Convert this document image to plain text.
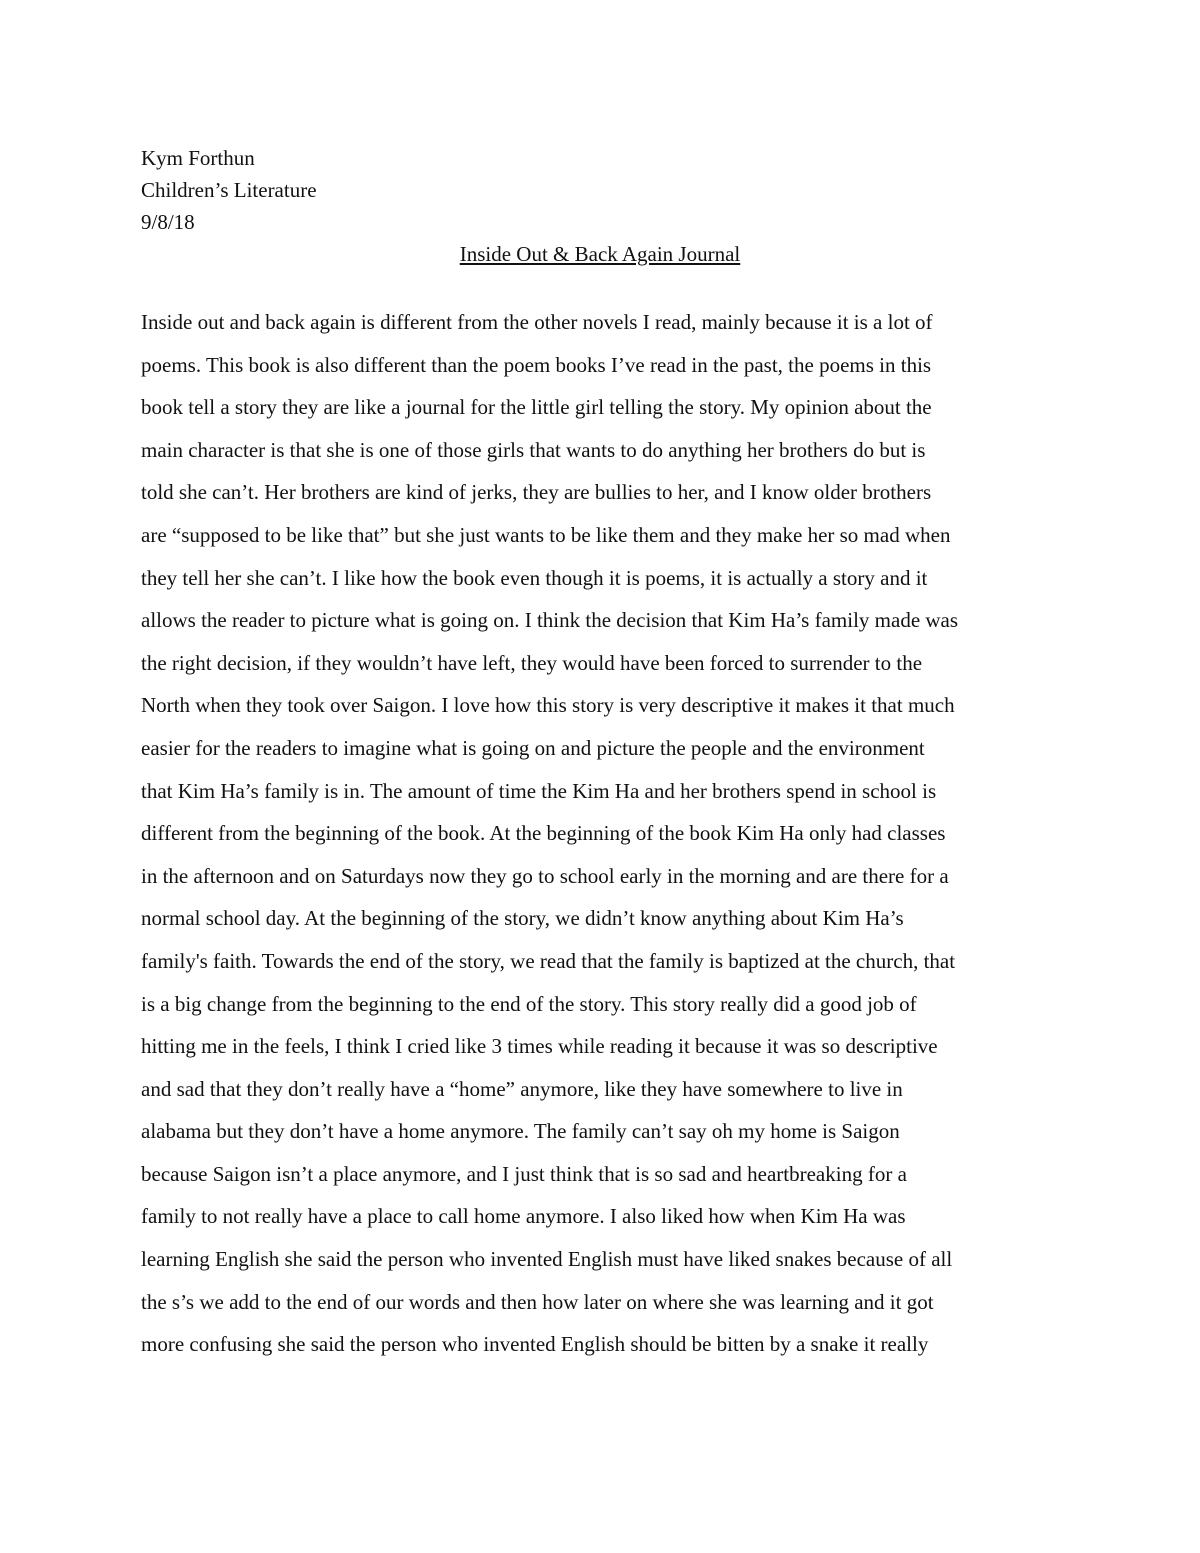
Kym Forthun
Children’s Literature
9/8/18
Inside Out & Back Again Journal
Inside out and back again is different from the other novels I read, mainly because it is a lot of
poems. This book is also different than the poem books I’ve read in the past, the poems in this
book tell a story they are like a journal for the little girl telling the story. My opinion about the
main character is that she is one of those girls that wants to do anything her brothers do but is
told she can’t. Her brothers are kind of jerks, they are bullies to her, and I know older brothers
are “supposed to be like that” but she just wants to be like them and they make her so mad when
they tell her she can’t. I like how the book even though it is poems, it is actually a story and it
allows the reader to picture what is going on. I think the decision that Kim Ha’s family made was
the right decision, if they wouldn’t have left, they would have been forced to surrender to the
North when they took over Saigon. I love how this story is very descriptive it makes it that much
easier for the readers to imagine what is going on and picture the people and the environment
that Kim Ha’s family is in. The amount of time the Kim Ha and her brothers spend in school is
different from the beginning of the book. At the beginning of the book Kim Ha only had classes
in the afternoon and on Saturdays now they go to school early in the morning and are there for a
normal school day. At the beginning of the story, we didn’t know anything about Kim Ha’s
family's faith. Towards the end of the story, we read that the family is baptized at the church, that
is a big change from the beginning to the end of the story. This story really did a good job of
hitting me in the feels, I think I cried like 3 times while reading it because it was so descriptive
and sad that they don’t really have a “home” anymore, like they have somewhere to live in
alabama but they don’t have a home anymore. The family can’t say oh my home is Saigon
because Saigon isn’t a place anymore, and I just think that is so sad and heartbreaking for a
family to not really have a place to call home anymore. I also liked how when Kim Ha was
learning English she said the person who invented English must have liked snakes because of all
the s’s we add to the end of our words and then how later on where she was learning and it got
more confusing she said the person who invented English should be bitten by a snake it really
